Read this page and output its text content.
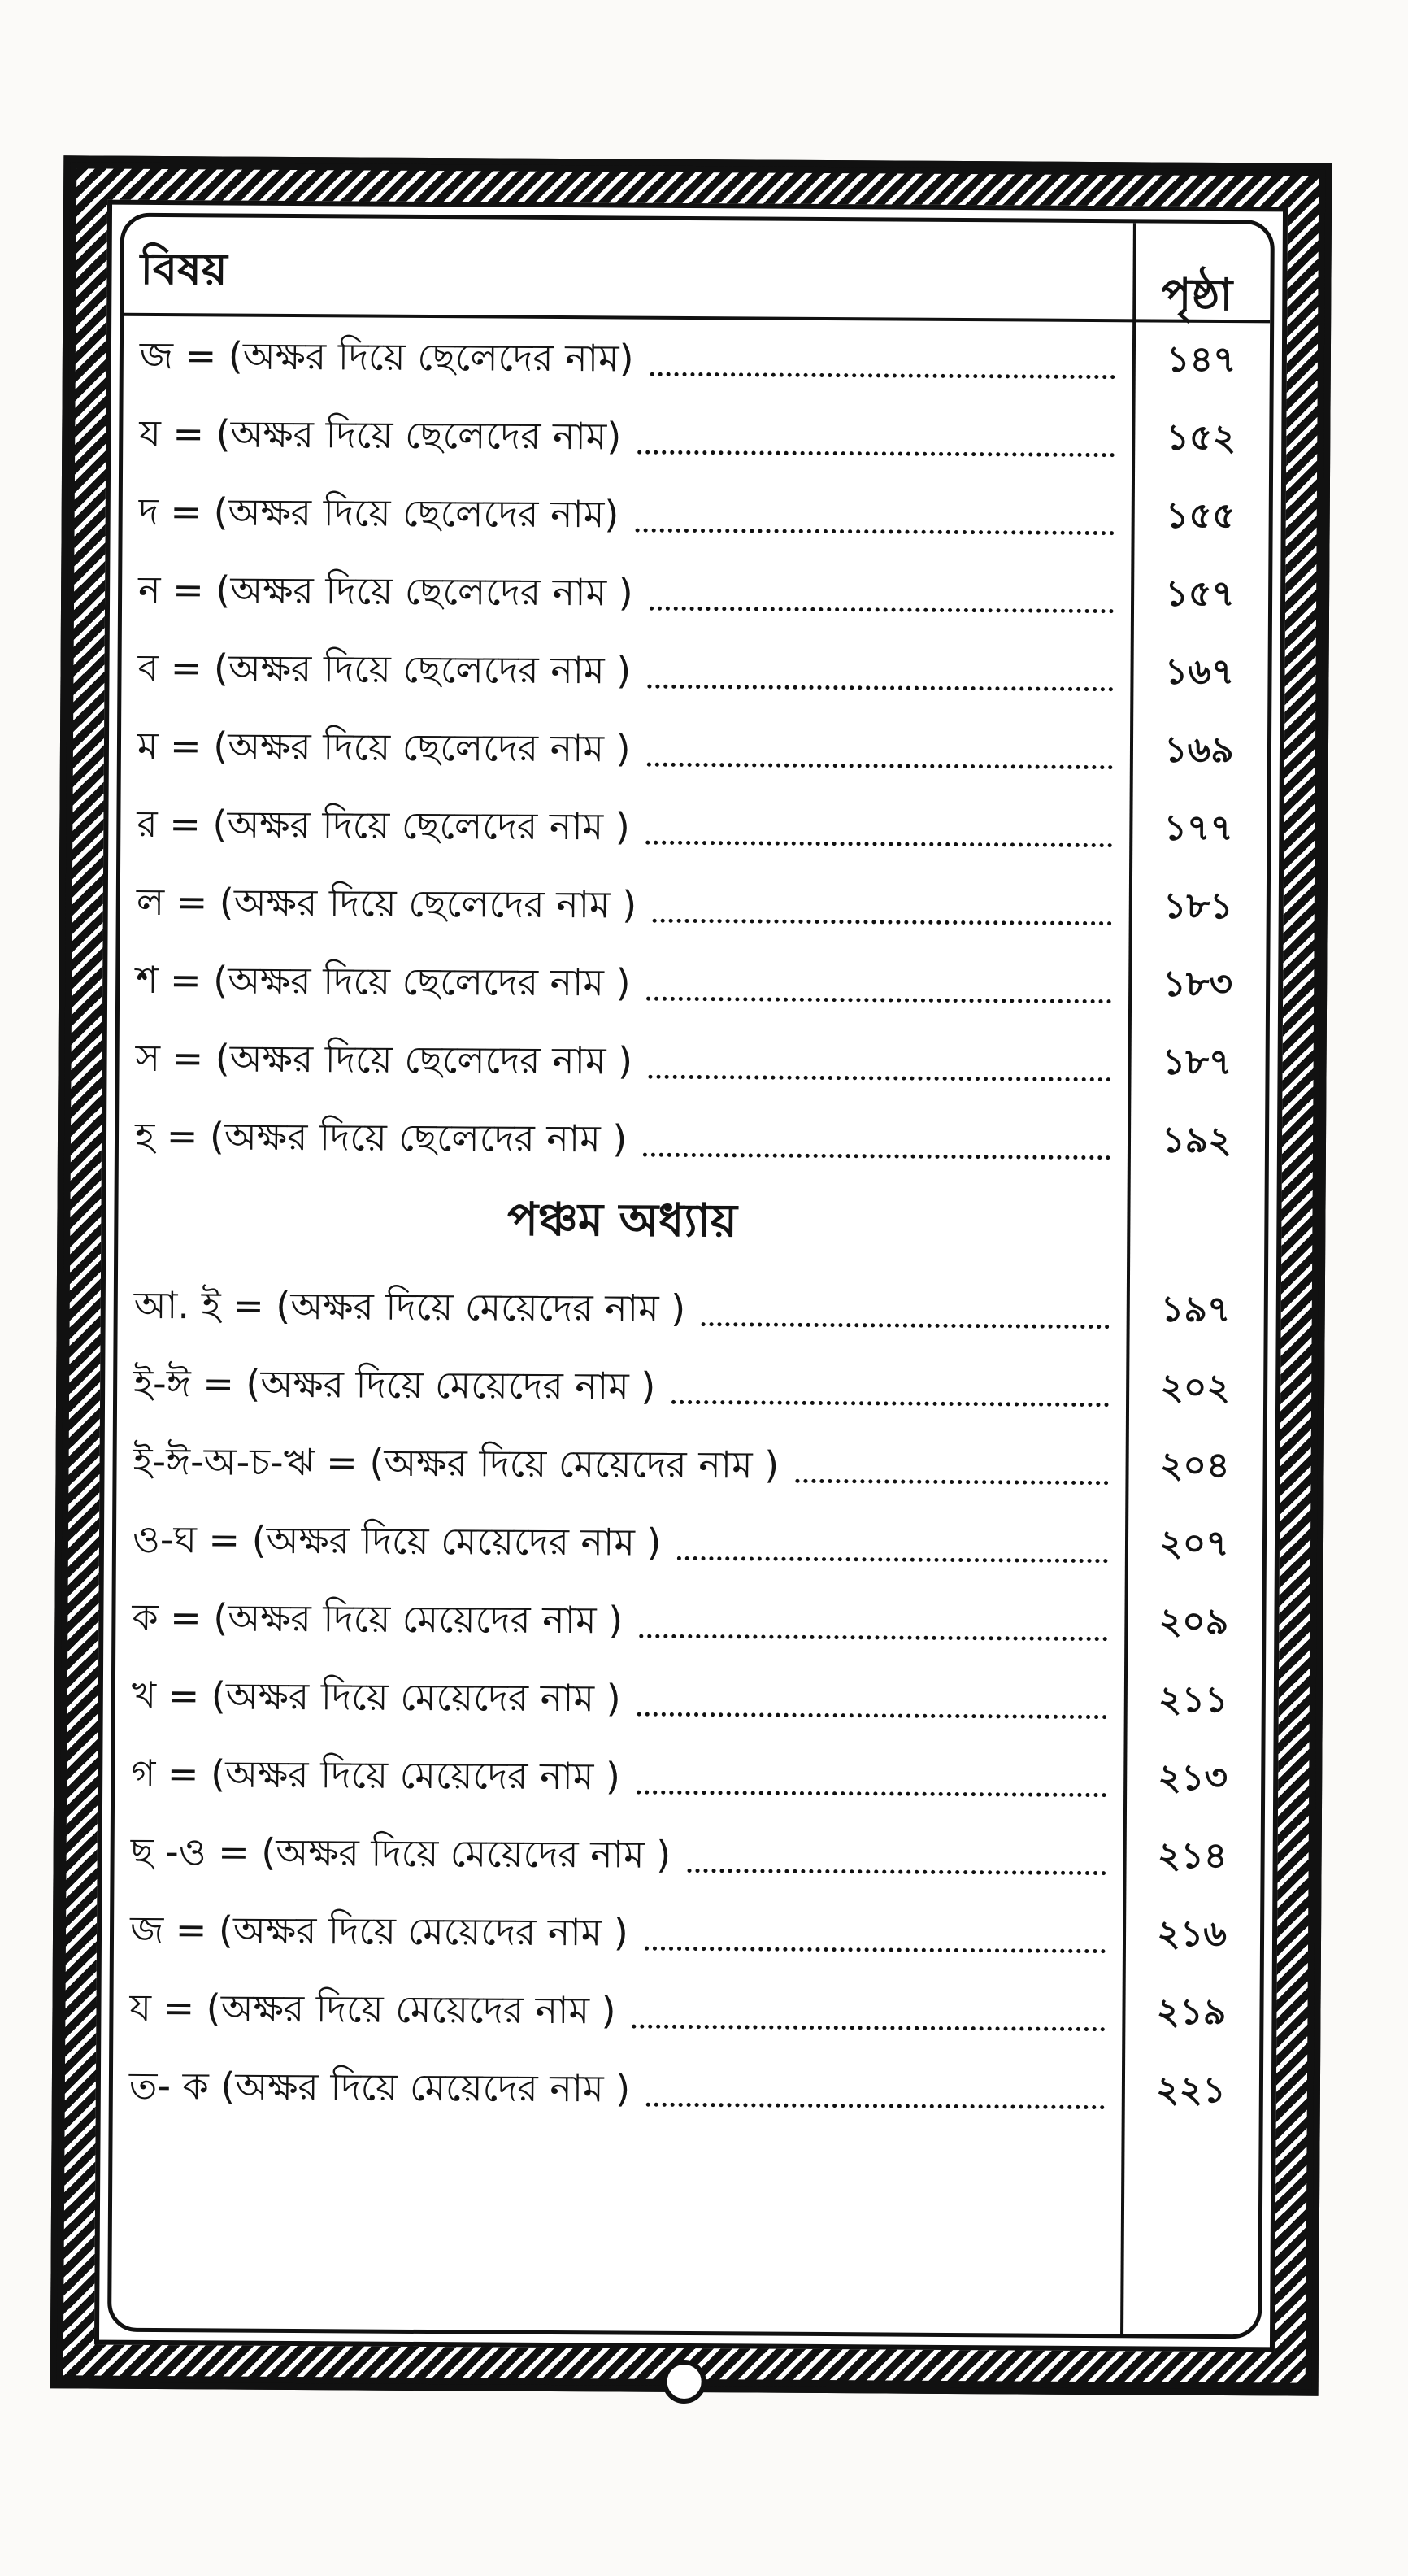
বিষয়	পৃষ্ঠা
জ = (অক্ষর দিয়ে ছেলেদের নাম)	১৪৭
য = (অক্ষর দিয়ে ছেলেদের নাম)	১৫২
দ = (অক্ষর দিয়ে ছেলেদের নাম)	১৫৫
ন = (অক্ষর দিয়ে ছেলেদের নাম )	১৫৭
ব = (অক্ষর দিয়ে ছেলেদের নাম )	১৬৭
ম = (অক্ষর দিয়ে ছেলেদের নাম )	১৬৯
র = (অক্ষর দিয়ে ছেলেদের নাম )	১৭৭
ল = (অক্ষর দিয়ে ছেলেদের নাম )	১৮১
শ = (অক্ষর দিয়ে ছেলেদের নাম )	১৮৩
স = (অক্ষর দিয়ে ছেলেদের নাম )	১৮৭
হ = (অক্ষর দিয়ে ছেলেদের নাম )	১৯২
পঞ্চম অধ্যায়
আ. ই = (অক্ষর দিয়ে মেয়েদের নাম )	১৯৭
ই-ঈ = (অক্ষর দিয়ে মেয়েদের নাম )	২০২
ই-ঈ-অ-চ-ঋ = (অক্ষর দিয়ে মেয়েদের নাম )	২০৪
ও-ঘ = (অক্ষর দিয়ে মেয়েদের নাম )	২০৭
ক = (অক্ষর দিয়ে মেয়েদের নাম )	২০৯
খ = (অক্ষর দিয়ে মেয়েদের নাম )	২১১
গ = (অক্ষর দিয়ে মেয়েদের নাম )	২১৩
ছ -ও = (অক্ষর দিয়ে মেয়েদের নাম )	২১৪
জ = (অক্ষর দিয়ে মেয়েদের নাম )	২১৬
য = (অক্ষর দিয়ে মেয়েদের নাম )	২১৯
ত- ক (অক্ষর দিয়ে মেয়েদের নাম )	২২১
